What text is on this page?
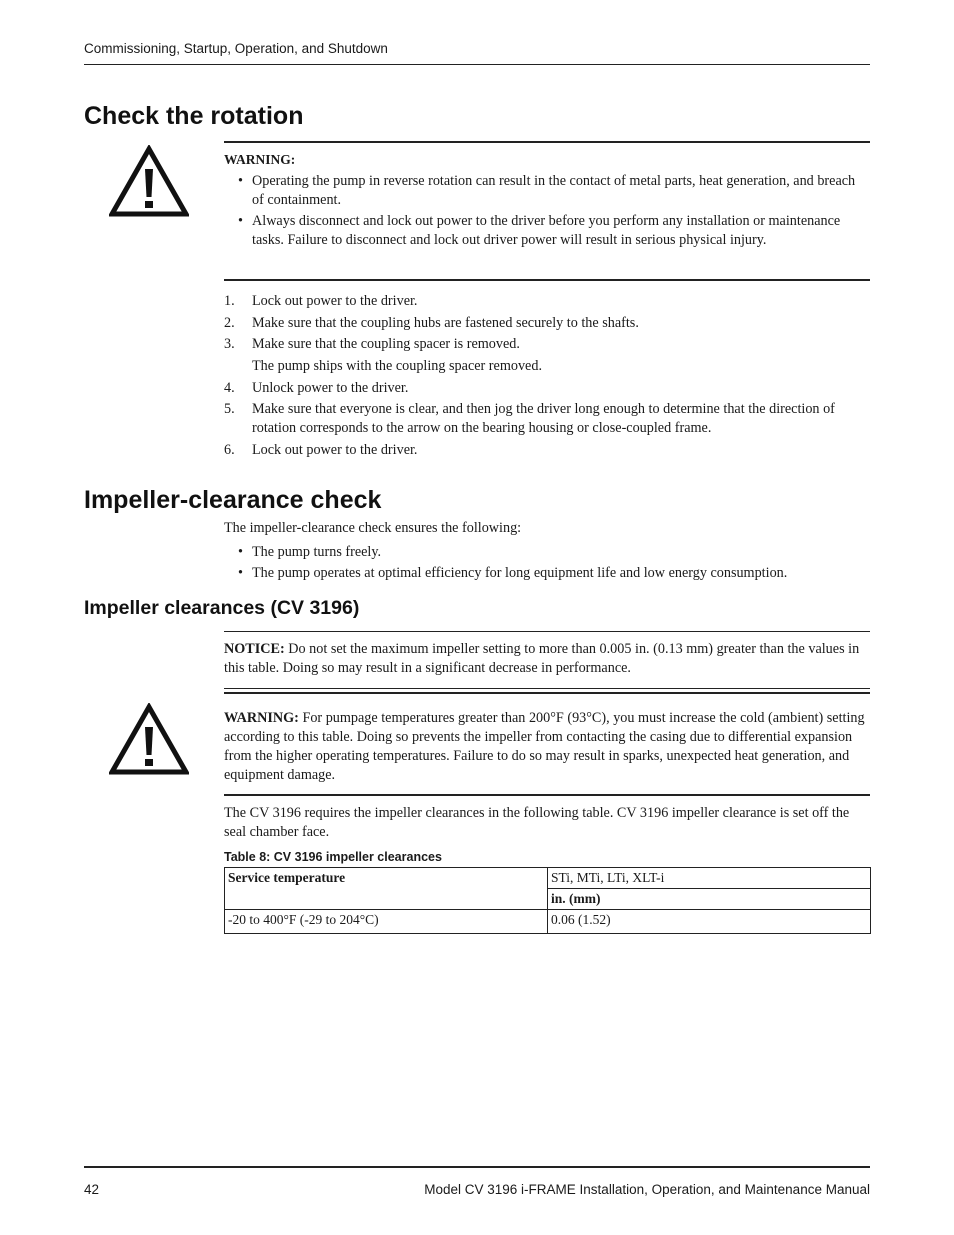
Commissioning, Startup, Operation, and Shutdown
Check the rotation
WARNING:
• Operating the pump in reverse rotation can result in the contact of metal parts, heat generation, and breach of containment.
• Always disconnect and lock out power to the driver before you perform any installation or maintenance tasks. Failure to disconnect and lock out driver power will result in serious physical injury.
1. Lock out power to the driver.
2. Make sure that the coupling hubs are fastened securely to the shafts.
3. Make sure that the coupling spacer is removed.
The pump ships with the coupling spacer removed.
4. Unlock power to the driver.
5. Make sure that everyone is clear, and then jog the driver long enough to determine that the direction of rotation corresponds to the arrow on the bearing housing or close-coupled frame.
6. Lock out power to the driver.
Impeller-clearance check
The impeller-clearance check ensures the following:
• The pump turns freely.
• The pump operates at optimal efficiency for long equipment life and low energy consumption.
Impeller clearances (CV 3196)
NOTICE: Do not set the maximum impeller setting to more than 0.005 in. (0.13 mm) greater than the values in this table. Doing so may result in a significant decrease in performance.
WARNING: For pumpage temperatures greater than 200°F (93°C), you must increase the cold (ambient) setting according to this table. Doing so prevents the impeller from contacting the casing due to differential expansion from the higher operating temperatures. Failure to do so may result in sparks, unexpected heat generation, and equipment damage.
The CV 3196 requires the impeller clearances in the following table. CV 3196 impeller clearance is set off the seal chamber face.
Table 8: CV 3196 impeller clearances
Service temperature	STi, MTi, LTi, XLT-i
	in. (mm)
-20 to 400°F (-29 to 204°C)	0.06 (1.52)
42	Model CV 3196 i-FRAME Installation, Operation, and Maintenance Manual
